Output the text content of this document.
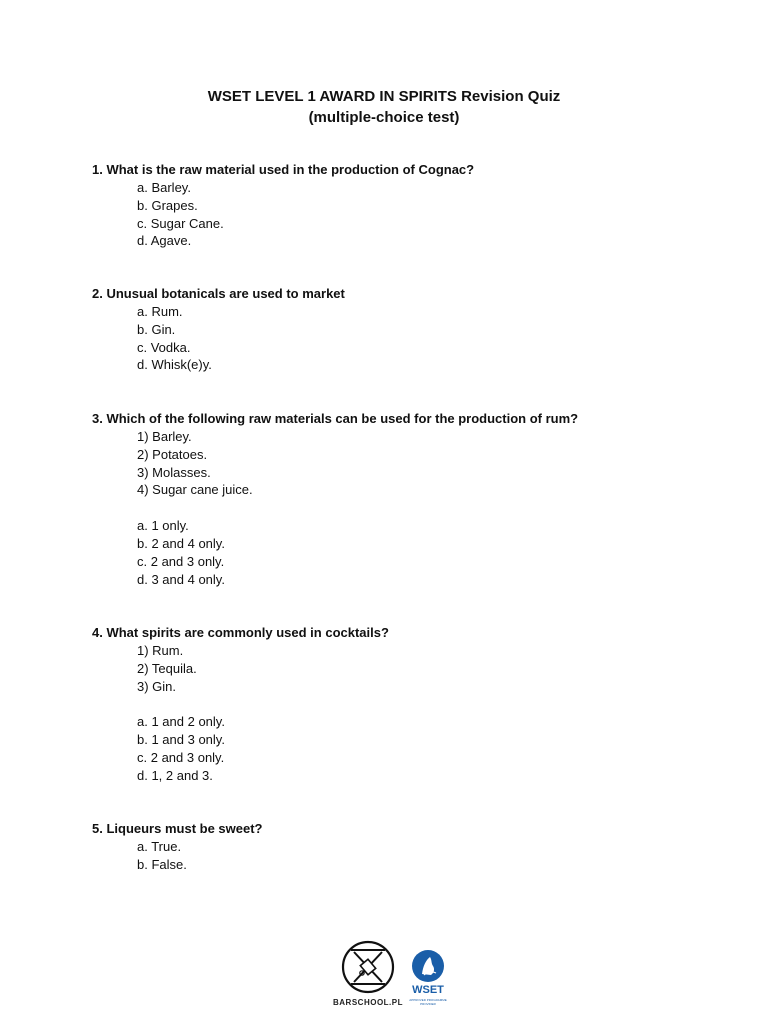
WSET LEVEL 1 AWARD IN SPIRITS Revision Quiz
(multiple-choice test)
1. What is the raw material used in the production of Cognac?
a. Barley.
b. Grapes.
c. Sugar Cane.
d. Agave.
2. Unusual botanicals are used to market
a. Rum.
b. Gin.
c. Vodka.
d. Whisk(e)y.
3. Which of the following raw materials can be used for the production of rum?
1) Barley.
2) Potatoes.
3) Molasses.
4) Sugar cane juice.
a. 1 only.
b. 2 and 4 only.
c. 2 and 3 only.
d. 3 and 4 only.
4. What spirits are commonly used in cocktails?
1) Rum.
2) Tequila.
3) Gin.
a. 1 and 2 only.
b. 1 and 3 only.
c. 2 and 3 only.
d. 1, 2 and 3.
5. Liqueurs must be sweet?
a. True.
b. False.
BARSCHOOL.PL
WSET
APPROVED PROGRAMME PROVIDER
